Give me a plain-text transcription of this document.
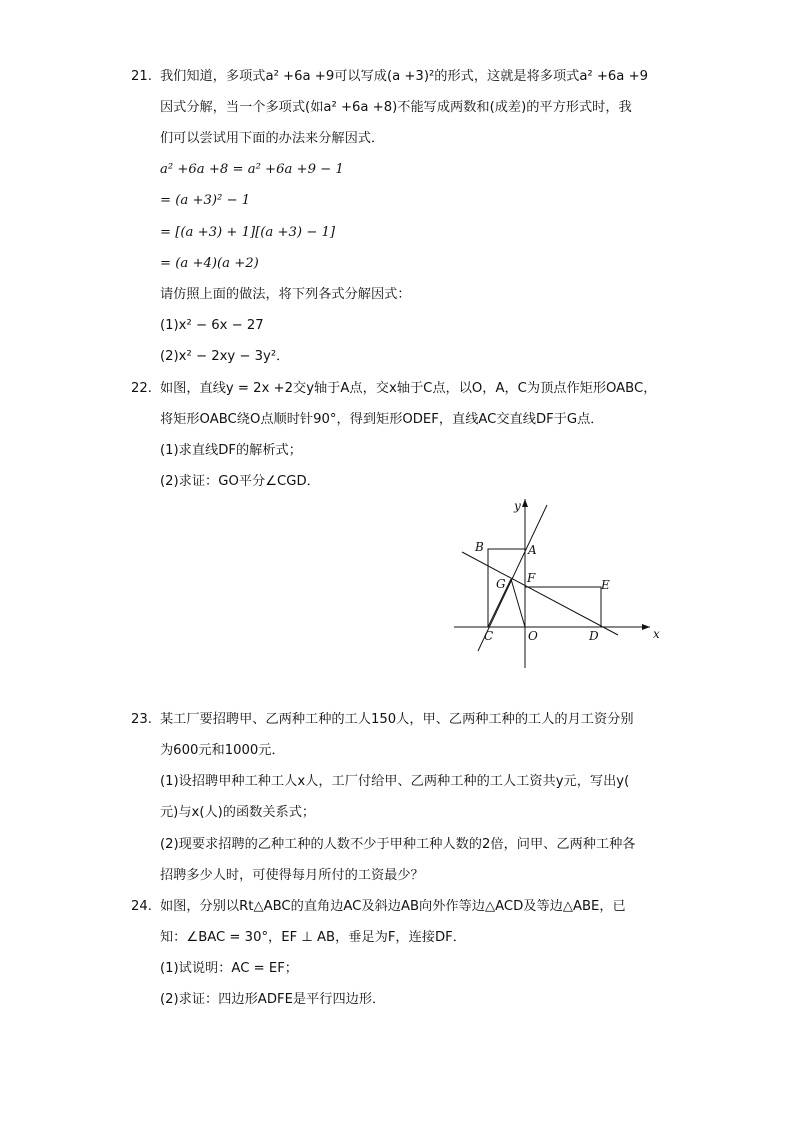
21. 我们知道，多项式a² +6a +9可以写成(a +3)²的形式，这就是将多项式a² +6a +9
因式分解，当一个多项式(如a² +6a +8)不能写成两数和(成差)的平方形式时，我
们可以尝试用下面的办法来分解因式．
a² +6a +8 = a² +6a +9 − 1
= (a +3)² − 1
= [(a +3) + 1][(a +3) − 1]
= (a +4)(a +2)
请仿照上面的做法，将下列各式分解因式：
(1)x² − 6x − 27
(2)x² − 2xy − 3y²．
22. 如图，直线y = 2x +2交y轴于A点，交x轴于C点，以O，A，C为顶点作矩形OABC，
将矩形OABC绕O点顺时针90°，得到矩形ODEF，直线AC交直线DF于G点．
(1)求直线DF的解析式；
(2)求证：GO平分∠CGD．
y
x
B	A
G F	E
C	O	D
23. 某工厂要招聘甲、乙两种工种的工人150人，甲、乙两种工种的工人的月工资分别
为600元和1000元．
(1)设招聘甲种工种工人x人，工厂付给甲、乙两种工种的工人工资共y元，写出y(
元)与x(人)的函数关系式；
(2)现要求招聘的乙种工种的人数不少于甲种工种人数的2倍，问甲、乙两种工种各
招聘多少人时，可使得每月所付的工资最少？
24. 如图，分别以Rt△ABC的直角边AC及斜边AB向外作等边△ACD及等边△ABE，已
知：∠BAC = 30°，EF ⊥ AB，垂足为F，连接DF．
(1)试说明：AC = EF；
(2)求证：四边形ADFE是平行四边形．
